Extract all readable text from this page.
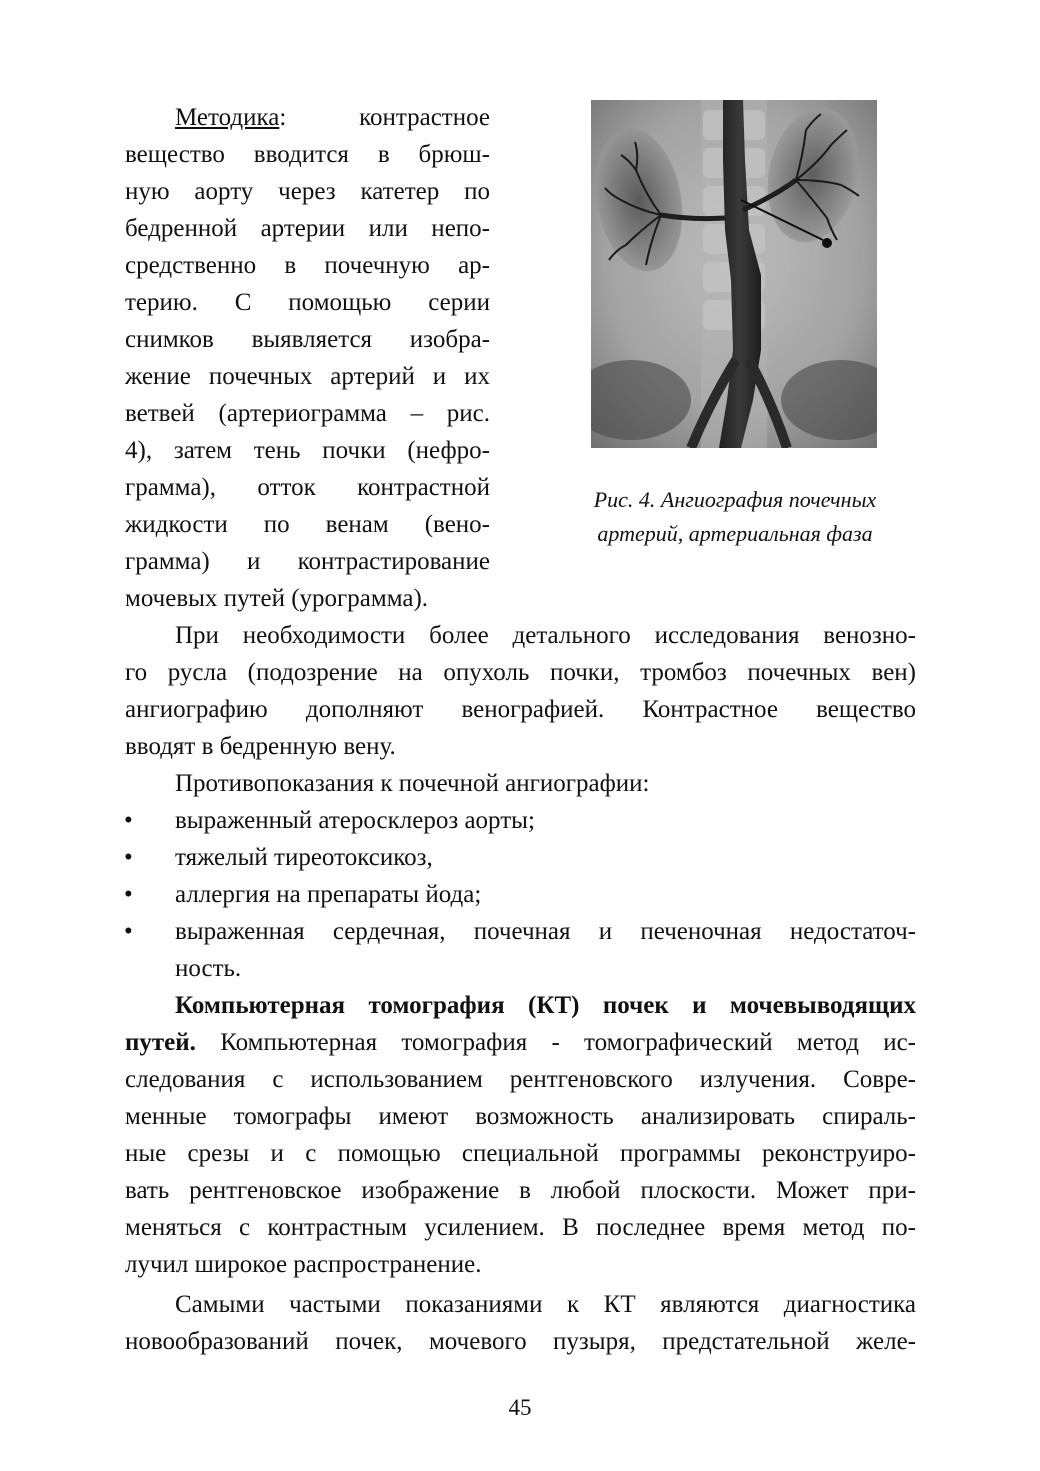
Методика:	контрастное
вещество вводится в брюш-
ную аорту через катетер по
бедренной артерии или непо-
средственно в почечную ар-
терию. С помощью серии
снимков выявляется изобра-
жение почечных артерий и их
ветвей (артериограмма – рис.
4), затем тень почки (нефро-
грамма), отток контрастной
жидкости по венам (вено-
грамма) и контрастирование
мочевых путей (урограмма).
Рис. 4. Ангиография почечных
артерий, артериальная фаза
При необходимости более детального исследования венозно-
го русла (подозрение на опухоль почки, тромбоз почечных вен)
ангиографию дополняют венографией. Контрастное вещество
вводят в бедренную вену.
Противопоказания к почечной ангиографии:
• выраженный атеросклероз аорты;
• тяжелый тиреотоксикоз,
• аллергия на препараты йода;
• выраженная сердечная, почечная и печеночная недостаточ-
ность.
Компьютерная томография (КТ) почек и мочевыводящих
путей. Компьютерная томография - томографический метод ис-
следования с использованием рентгеновского излучения. Совре-
менные томографы имеют возможность анализировать спираль-
ные срезы и с помощью специальной программы реконструиро-
вать рентгеновское изображение в любой плоскости. Может при-
меняться с контрастным усилением. В последнее время метод по-
лучил широкое распространение.
Самыми частыми показаниями к КТ являются диагностика
новообразований почек, мочевого пузыря, предстательной желе-
45
